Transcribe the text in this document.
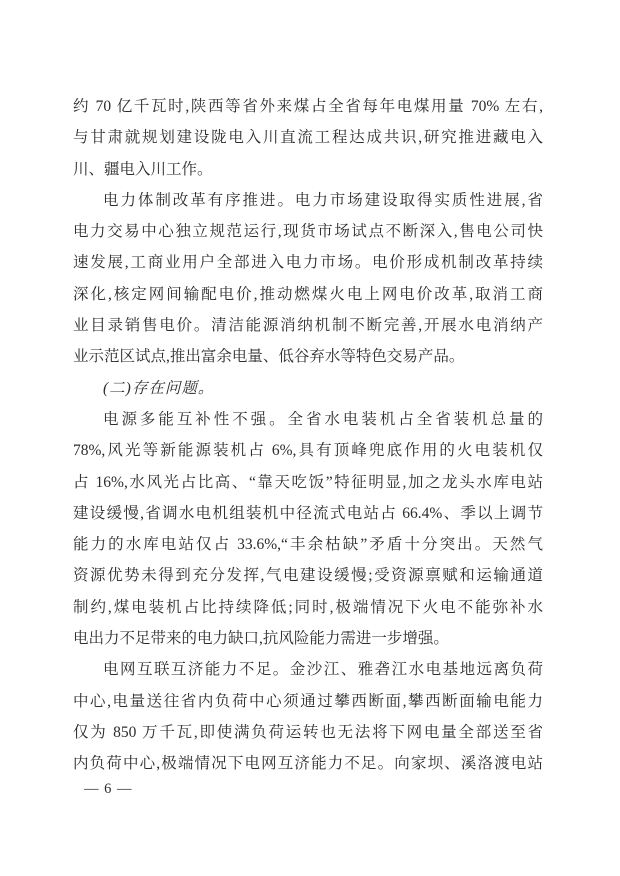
约 70 亿千瓦时,陕西等省外来煤占全省每年电煤用量 70% 左右,
与甘肃就规划建设陇电入川直流工程达成共识,研究推进藏电入
川、疆电入川工作。
电力体制改革有序推进。电力市场建设取得实质性进展,省
电力交易中心独立规范运行,现货市场试点不断深入,售电公司快
速发展,工商业用户全部进入电力市场。电价形成机制改革持续
深化,核定网间输配电价,推动燃煤火电上网电价改革,取消工商
业目录销售电价。清洁能源消纳机制不断完善,开展水电消纳产
业示范区试点,推出富余电量、低谷弃水等特色交易产品。
(二)存在问题。
电源多能互补性不强。全省水电装机占全省装机总量的
78%,风光等新能源装机占 6%,具有顶峰兜底作用的火电装机仅
占 16%,水风光占比高、“靠天吃饭”特征明显,加之龙头水库电站
建设缓慢,省调水电机组装机中径流式电站占 66.4%、季以上调节
能力的水库电站仅占 33.6%,“丰余枯缺”矛盾十分突出。天然气
资源优势未得到充分发挥,气电建设缓慢;受资源禀赋和运输通道
制约,煤电装机占比持续降低;同时,极端情况下火电不能弥补水
电出力不足带来的电力缺口,抗风险能力需进一步增强。
电网互联互济能力不足。金沙江、雅砻江水电基地远离负荷
中心,电量送往省内负荷中心须通过攀西断面,攀西断面输电能力
仅为 850 万千瓦,即使满负荷运转也无法将下网电量全部送至省
内负荷中心,极端情况下电网互济能力不足。向家坝、溪洛渡电站
— 6 —
